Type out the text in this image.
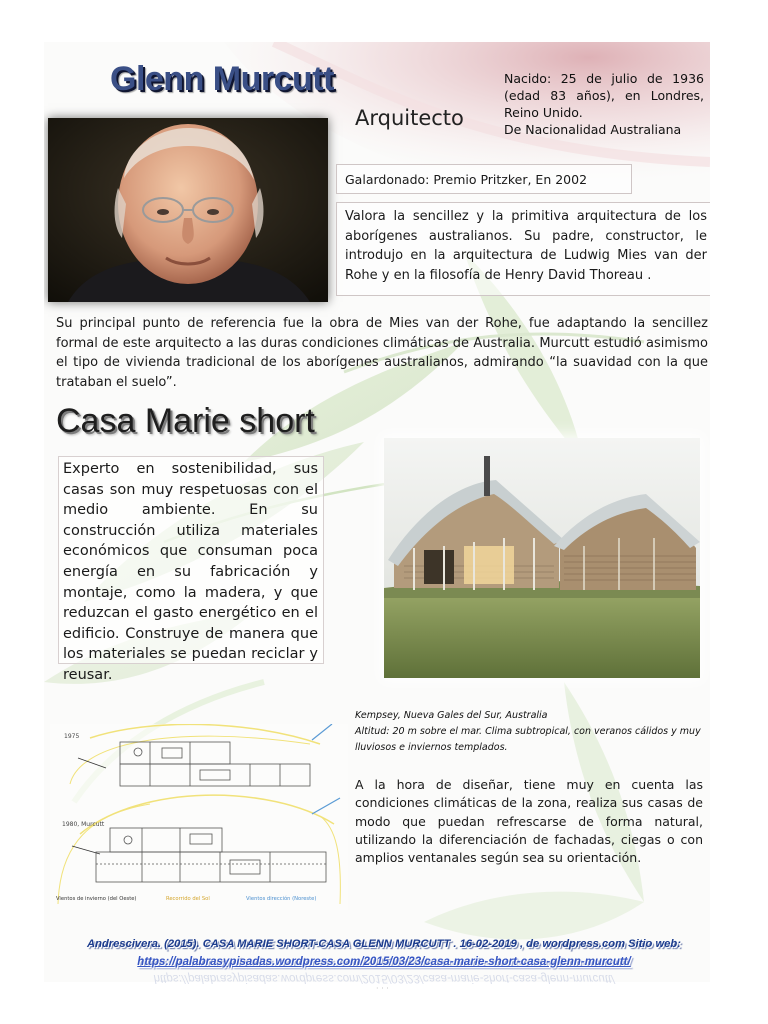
Glenn Murcutt
Arquitecto
Nacido: 25 de julio de 1936 (edad 83 años), en Londres, Reino Unido.
De Nacionalidad Australiana
Galardonado: Premio Pritzker, En 2002
Valora la sencillez y la primitiva arquitectura de los aborígenes australianos. Su padre, constructor, le introdujo en la arquitectura de Ludwig Mies van der Rohe y en la filosofía de Henry David Thoreau .
Su principal punto de referencia fue la obra de Mies van der Rohe, fue adaptando la sencillez formal de este arquitecto a las duras condiciones climáticas de Australia. Murcutt estudió asimismo el tipo de vivienda tradicional de los aborígenes australianos, admirando “la suavidad con la que trataban el suelo”.
Casa Marie short
Experto en sostenibilidad, sus casas son muy respetuosas con el medio ambiente. En su construcción utiliza materiales económicos que consuman poca energía en su fabricación y montaje, como la madera, y que reduzcan el gasto energético en el edificio. Construye de manera que los materiales se puedan reciclar y reusar.
Kempsey, Nueva Gales del Sur, Australia
Altitud: 20 m sobre el mar. Clima subtropical, con veranos cálidos y muy lluviosos e inviernos templados.
1975
1980, Murcutt
Vientos de invierno (del Oeste)	Recorrido del Sol	Vientos dirección (Noreste)
A la hora de diseñar, tiene muy en cuenta las condiciones climáticas de la zona, realiza sus casas de modo que puedan refrescarse de forma natural, utilizando la diferenciación de fachadas, ciegas o con amplios ventanales según sea su orientación.
Andrescivera. (2015). CASA MARIE SHORT-CASA GLENN MURCUTT . 16-02-2019 , de wordpress.com Sitio web:
https://palabrasypisadas.wordpress.com/2015/03/23/casa-marie-short-casa-glenn-murcutt/
https://palabrasypisadas.wordpress.com/2015/03/23/casa-marie-short-casa-glenn-murcutt/
· · ·
